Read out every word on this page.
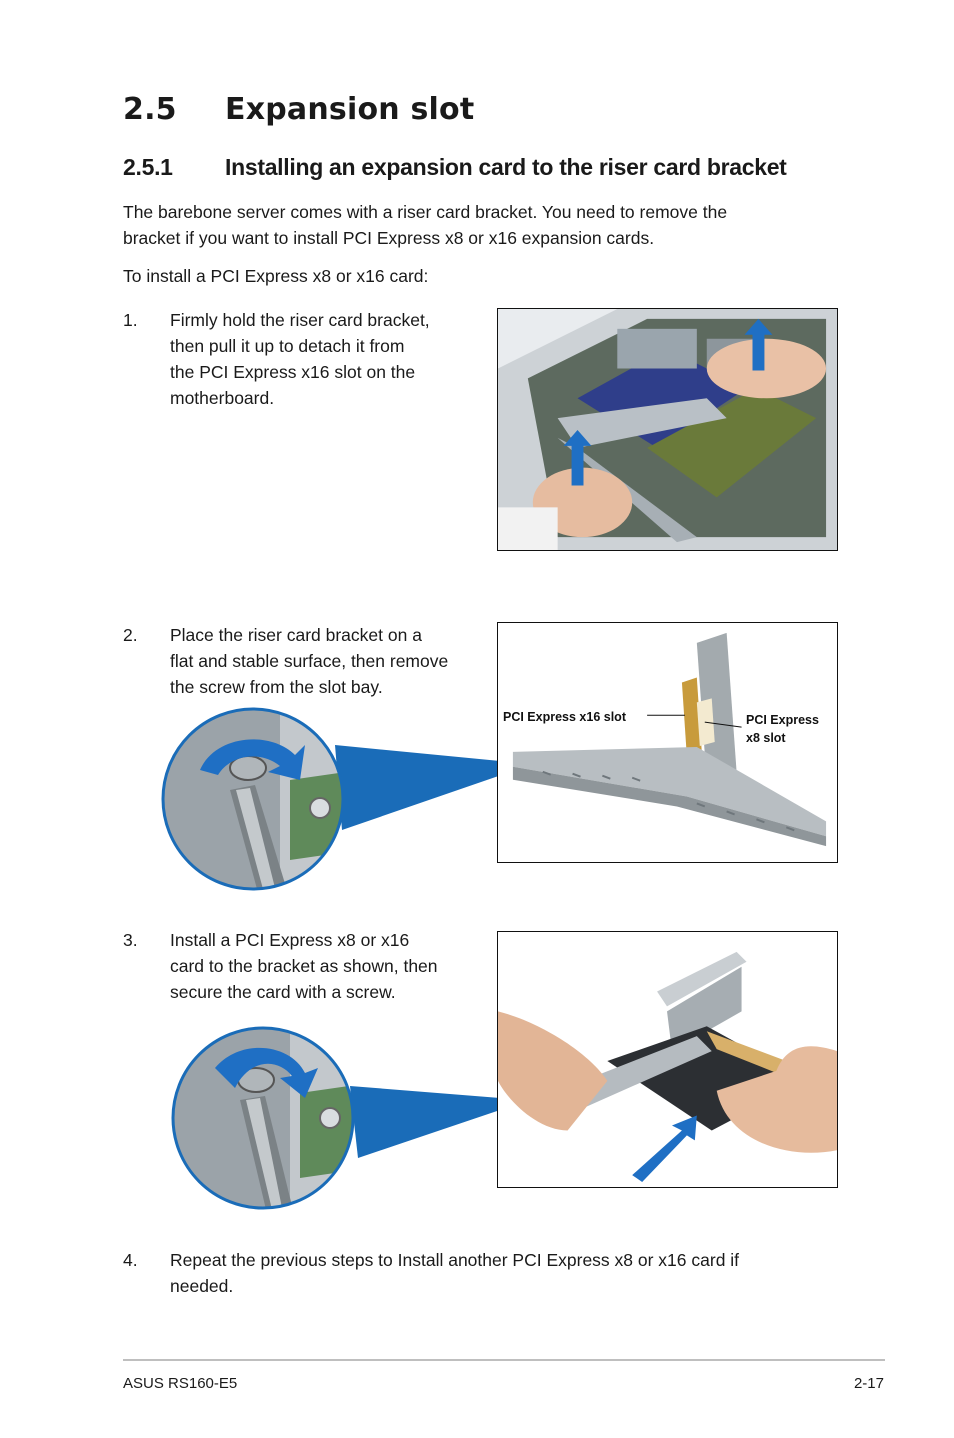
2.5 Expansion slot
2.5.1 Installing an expansion card to the riser card bracket

The barebone server comes with a riser card bracket. You need to remove the
bracket if you want to install PCI Express x8 or x16 expansion cards.

To install a PCI Express x8 or x16 card:

1. Firmly hold the riser card bracket,
then pull it up to detach it from
the PCI Express x16 slot on the
motherboard.
2. Place the riser card bracket on a
flat and stable surface, then remove
the screw from the slot bay.
PCI Express x16 slot	PCI Express
x8 slot
3. Install a PCI Express x8 or x16
card to the bracket as shown, then
secure the card with a screw.
4. Repeat the previous steps to Install another PCI Express x8 or x16 card if
needed.
ASUS RS160-E5	2-17
